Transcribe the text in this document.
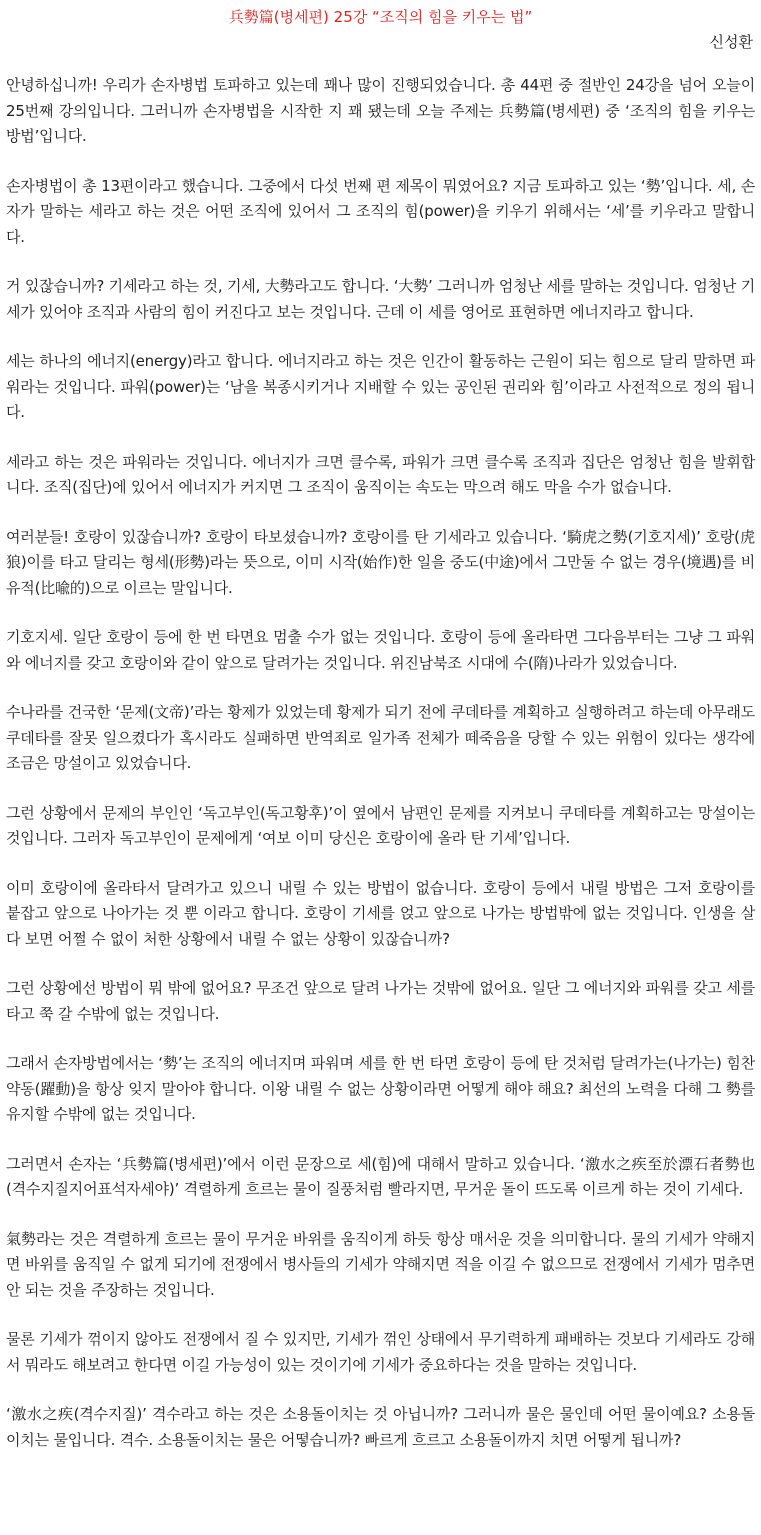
兵勢篇(병세편) 25강 “조직의 힘을 키우는 법”
신성환

안녕하십니까! 우리가 손자병법 토파하고 있는데 꽤나 많이 진행되었습니다. 총 44편 중 절반인 24강을 넘어 오늘이 25번째 강의입니다. 그러니까 손자병법을 시작한 지 꽤 됐는데 오늘 주제는 兵勢篇(병세편) 중 ‘조직의 힘을 키우는 방법’입니다.

손자병법이 총 13편이라고 했습니다. 그중에서 다섯 번째 편 제목이 뭐였어요? 지금 토파하고 있는 ‘勢’입니다. 세, 손자가 말하는 세라고 하는 것은 어떤 조직에 있어서 그 조직의 힘(power)을 키우기 위해서는 ‘세’를 키우라고 말합니다.

거 있잖습니까? 기세라고 하는 것, 기세, 大勢라고도 합니다. ‘大勢’ 그러니까 엄청난 세를 말하는 것입니다. 엄청난 기세가 있어야 조직과 사람의 힘이 커진다고 보는 것입니다. 근데 이 세를 영어로 표현하면 에너지라고 합니다.

세는 하나의 에너지(energy)라고 합니다. 에너지라고 하는 것은 인간이 활동하는 근원이 되는 힘으로 달리 말하면 파워라는 것입니다. 파워(power)는 ‘남을 복종시키거나 지배할 수 있는 공인된 권리와 힘’이라고 사전적으로 정의 됩니다.

세라고 하는 것은 파워라는 것입니다. 에너지가 크면 클수록, 파워가 크면 클수록 조직과 집단은 엄청난 힘을 발휘합니다. 조직(집단)에 있어서 에너지가 커지면 그 조직이 움직이는 속도는 막으려 해도 막을 수가 없습니다.

여러분들! 호랑이 있잖습니까? 호랑이 타보셨습니까? 호랑이를 탄 기세라고 있습니다. ‘騎虎之勢(기호지세)’ 호랑(虎狼)이를 타고 달리는 형세(形勢)라는 뜻으로, 이미 시작(始作)한 일을 중도(中途)에서 그만둘 수 없는 경우(境遇)를 비유적(比喩的)으로 이르는 말입니다.

기호지세. 일단 호랑이 등에 한 번 타면요 멈출 수가 없는 것입니다. 호랑이 등에 올라타면 그다음부터는 그냥 그 파워와 에너지를 갖고 호랑이와 같이 앞으로 달려가는 것입니다. 위진남북조 시대에 수(隋)나라가 있었습니다.

수나라를 건국한 ‘문제(文帝)’라는 황제가 있었는데 황제가 되기 전에 쿠데타를 계획하고 실행하려고 하는데 아무래도 쿠데타를 잘못 일으켰다가 혹시라도 실패하면 반역죄로 일가족 전체가 떼죽음을 당할 수 있는 위험이 있다는 생각에 조금은 망설이고 있었습니다.

그런 상황에서 문제의 부인인 ‘독고부인(독고황후)’이 옆에서 남편인 문제를 지켜보니 쿠데타를 계획하고는 망설이는 것입니다. 그러자 독고부인이 문제에게 ‘여보 이미 당신은 호랑이에 올라 탄 기세’입니다.

이미 호랑이에 올라타서 달려가고 있으니 내릴 수 있는 방법이 없습니다. 호랑이 등에서 내릴 방법은 그저 호랑이를 붙잡고 앞으로 나아가는 것 뿐 이라고 합니다. 호랑이 기세를 얹고 앞으로 나가는 방법밖에 없는 것입니다. 인생을 살다 보면 어쩔 수 없이 처한 상황에서 내릴 수 없는 상황이 있잖습니까?

그런 상황에선 방법이 뭐 밖에 없어요? 무조건 앞으로 달려 나가는 것밖에 없어요. 일단 그 에너지와 파워를 갖고 세를 타고 쭉 갈 수밖에 없는 것입니다.

그래서 손자방법에서는 ‘勢’는 조직의 에너지며 파워며 세를 한 번 타면 호랑이 등에 탄 것처럼 달려가는(나가는) 힘찬 약동(躍動)을 항상 잊지 말아야 합니다. 이왕 내릴 수 없는 상황이라면 어떻게 해야 해요? 최선의 노력을 다해 그 勢를 유지할 수밖에 없는 것입니다.

그러면서 손자는 ‘兵勢篇(병세편)’에서 이런 문장으로 세(힘)에 대해서 말하고 있습니다. ‘激水之疾至於漂石者勢也(격수지질지어표석자세야)’ 격렬하게 흐르는 물이 질풍처럼 빨라지면, 무거운 돌이 뜨도록 이르게 하는 것이 기세다.

氣勢라는 것은 격렬하게 흐르는 물이 무거운 바위를 움직이게 하듯 항상 매서운 것을 의미합니다. 물의 기세가 약해지면 바위를 움직일 수 없게 되기에 전쟁에서 병사들의 기세가 약해지면 적을 이길 수 없으므로 전쟁에서 기세가 멈추면 안 되는 것을 주장하는 것입니다.

물론 기세가 꺾이지 않아도 전쟁에서 질 수 있지만, 기세가 꺾인 상태에서 무기력하게 패배하는 것보다 기세라도 강해서 뭐라도 해보려고 한다면 이길 가능성이 있는 것이기에 기세가 중요하다는 것을 말하는 것입니다.

‘激水之疾(격수지질)’ 격수라고 하는 것은 소용돌이치는 것 아닙니까? 그러니까 물은 물인데 어떤 물이예요? 소용돌이치는 물입니다. 격수. 소용돌이치는 물은 어떻습니까? 빠르게 흐르고 소용돌이까지 치면 어떻게 됩니까?
